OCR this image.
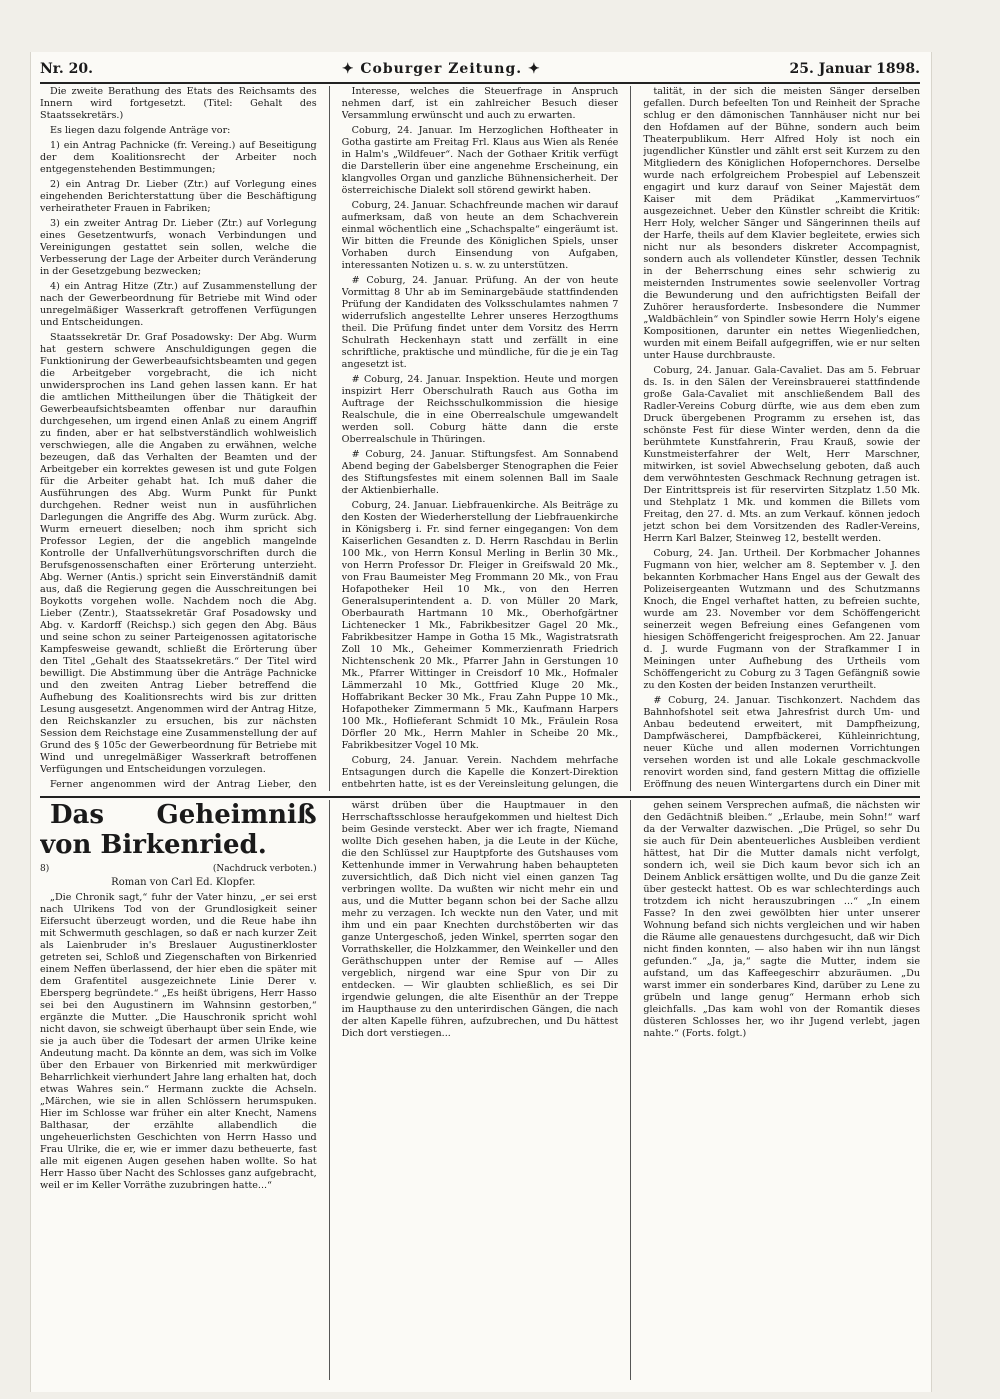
Nr. 20.	✦ Coburger Zeitung. ✦	25. Januar 1898.

Die zweite Berathung des Etats des Reichsamts des Innern wird fortgesetzt. (Titel: Gehalt des Staatssekretärs.)

Es liegen dazu folgende Anträge vor:

1) ein Antrag Pachnicke (fr. Vereing.) auf Beseitigung der dem Koalitionsrecht der Arbeiter noch entgegenstehenden Bestimmungen;

2) ein Antrag Dr. Lieber (Ztr.) auf Vorlegung eines eingehenden Berichterstattung über die Beschäftigung verheiratheter Frauen in Fabriken;

3) ein zweiter Antrag Dr. Lieber (Ztr.) auf Vorlegung eines Gesetzentwurfs, wonach Verbindungen und Vereinigungen gestattet sein sollen, welche die Verbesserung der Lage der Arbeiter durch Veränderung in der Gesetzgebung bezwecken;

4) ein Antrag Hitze (Ztr.) auf Zusammenstellung der nach der Gewerbeordnung für Betriebe mit Wind oder unregelmäßiger Wasserkraft getroffenen Verfügungen und Entscheidungen.

Staatssekretär Dr. Graf Posadowsky: Der Abg. Wurm hat gestern schwere Anschuldigungen gegen die Funktionirung der Gewerbeaufsichtsbeamten und gegen die Arbeitgeber vorgebracht, die ich nicht unwidersprochen ins Land gehen lassen kann. Er hat die amtlichen Mittheilungen über die Thätigkeit der Gewerbeaufsichtsbeamten offenbar nur daraufhin durchgesehen, um irgend einen Anlaß zu einem Angriff zu finden, aber er hat selbstverständlich wohlweislich verschwiegen, alle die Angaben zu erwähnen, welche bezeugen, daß das Verhalten der Beamten und der Arbeitgeber ein korrektes gewesen ist und gute Folgen für die Arbeiter gehabt hat. Ich muß daher die Ausführungen des Abg. Wurm Punkt für Punkt durchgehen. Redner weist nun in ausführlichen Darlegungen die Angriffe des Abg. Wurm zurück. Abg. Wurm erneuert dieselben; noch ihm spricht sich Professor Legien, der die angeblich mangelnde Kontrolle der Unfallverhütungsvorschriften durch die Berufsgenossenschaften einer Erörterung unterzieht. Abg. Werner (Antis.) spricht sein Einverständniß damit aus, daß die Regierung gegen die Ausschreitungen bei Boykotts vorgehen wolle. Nachdem noch die Abg. Lieber (Zentr.), Staatssekretär Graf Posadowsky und Abg. v. Kardorff (Reichsp.) sich gegen den Abg. Bäus und seine schon zu seiner Parteigenossen agitatorische Kampfesweise gewandt, schließt die Erörterung über den Titel „Gehalt des Staatssekretärs.“ Der Titel wird bewilligt. Die Abstimmung über die Anträge Pachnicke und den zweiten Antrag Lieber betreffend die Aufhebung des Koalitionsrechts wird bis zur dritten Lesung ausgesetzt. Angenommen wird der Antrag Hitze, den Reichskanzler zu ersuchen, bis zur nächsten Session dem Reichstage eine Zusammenstellung der auf Grund des § 105c der Gewerbeordnung für Betriebe mit Wind und unregelmäßiger Wasserkraft betroffenen Verfügungen und Entscheidungen vorzulegen.

Ferner angenommen wird der Antrag Lieber, den

Interesse, welches die Steuerfrage in Anspruch nehmen darf, ist ein zahlreicher Besuch dieser Versammlung erwünscht und auch zu erwarten.

Coburg, 24. Januar. Im Herzoglichen Hoftheater in Gotha gastirte am Freitag Frl. Klaus aus Wien als Renée in Halm's „Wildfeuer“. Nach der Gothaer Kritik verfügt die Darstellerin über eine angenehme Erscheinung, ein klangvolles Organ und ganzliche Bühnensicherheit. Der österreichische Dialekt soll störend gewirkt haben.

Coburg, 24. Januar. Schachfreunde machen wir darauf aufmerksam, daß von heute an dem Schachverein einmal wöchentlich eine „Schachspalte“ eingeräumt ist. Wir bitten die Freunde des Königlichen Spiels, unser Vorhaben durch Einsendung von Aufgaben, interessanten Notizen u. s. w. zu unterstützen.

# Coburg, 24. Januar. Prüfung. An der von heute Vormittag 8 Uhr ab im Seminargebäude stattfindenden Prüfung der Kandidaten des Volksschulamtes nahmen 7 widerrufslich angestellte Lehrer unseres Herzogthums theil. Die Prüfung findet unter dem Vorsitz des Herrn Schulrath Heckenhayn statt und zerfällt in eine schriftliche, praktische und mündliche, für die je ein Tag angesetzt ist.

# Coburg, 24. Januar. Inspektion. Heute und morgen inspizirt Herr Oberschulrath Rauch aus Gotha im Auftrage der Reichsschulkommission die hiesige Realschule, die in eine Oberrealschule umgewandelt werden soll. Coburg hätte dann die erste Oberrealschule in Thüringen.

# Coburg, 24. Januar. Stiftungsfest. Am Sonnabend Abend beging der Gabelsberger Stenographen die Feier des Stiftungsfestes mit einem solennen Ball im Saale der Aktienbierhalle.

Coburg, 24. Januar. Liebfrauenkirche. Als Beiträge zu den Kosten der Wiederherstellung der Liebfrauenkirche in Königsberg i. Fr. sind ferner eingegangen: Von dem Kaiserlichen Gesandten z. D. Herrn Raschdau in Berlin 100 Mk., von Herrn Konsul Merling in Berlin 30 Mk., von Herrn Professor Dr. Fleiger in Greifswald 20 Mk., von Frau Baumeister Meg Frommann 20 Mk., von Frau Hofapotheker Heil 10 Mk., von den Herren Generalsuperintendent a. D. von Müller 20 Mark, Oberbaurath Hartmann 10 Mk., Oberhofgärtner Lichtenecker 1 Mk., Fabrikbesitzer Gagel 20 Mk., Fabrikbesitzer Hampe in Gotha 15 Mk., Wagistratsrath Zoll 10 Mk., Geheimer Kommerzienrath Friedrich Nichtenschenk 20 Mk., Pfarrer Jahn in Gerstungen 10 Mk., Pfarrer Wittinger in Creisdorf 10 Mk., Hofmaler Lämmerzahl 10 Mk., Gottfried Kluge 20 Mk., Hoffabrikant Becker 30 Mk., Frau Zahn Puppe 10 Mk., Hofapotheker Zimmermann 5 Mk., Kaufmann Harpers 100 Mk., Hoflieferant Schmidt 10 Mk., Fräulein Rosa Dörfler 20 Mk., Herrn Mahler in Scheibe 20 Mk., Fabrikbesitzer Vogel 10 Mk.

Coburg, 24. Januar. Verein. Nachdem mehrfache Entsagungen durch die Kapelle die Konzert-Direktion entbehrten hatte, ist es der Vereinsleitung gelungen, die

talität, in der sich die meisten Sänger derselben gefallen. Durch befeelten Ton und Reinheit der Sprache schlug er den dämonischen Tannhäuser nicht nur bei den Hofdamen auf der Bühne, sondern auch beim Theaterpublikum. Herr Alfred Holy ist noch ein jugendlicher Künstler und zählt erst seit Kurzem zu den Mitgliedern des Königlichen Hofopernchores. Derselbe wurde nach erfolgreichem Probespiel auf Lebenszeit engagirt und kurz darauf von Seiner Majestät dem Kaiser mit dem Prädikat „Kammervirtuos“ ausgezeichnet. Ueber den Künstler schreibt die Kritik: Herr Holy, welcher Sänger und Sängerinnen theils auf der Harfe, theils auf dem Klavier begleitete, erwies sich nicht nur als besonders diskreter Accompagnist, sondern auch als vollendeter Künstler, dessen Technik in der Beherrschung eines sehr schwierig zu meisternden Instrumentes sowie seelenvoller Vortrag die Bewunderung und den aufrichtigsten Beifall der Zuhörer herausforderte. Insbesondere die Nummer „Waldbächlein“ von Spindler sowie Herrn Holy's eigene Kompositionen, darunter ein nettes Wiegenliedchen, wurden mit einem Beifall aufgegriffen, wie er nur selten unter Hause durchbrauste.

Coburg, 24. Januar. Gala-Cavaliet. Das am 5. Februar ds. Is. in den Sälen der Vereinsbrauerei stattfindende große Gala-Cavaliet mit anschließendem Ball des Radler-Vereins Coburg dürfte, wie aus dem eben zum Druck übergebenen Programm zu ersehen ist, das schönste Fest für diese Winter werden, denn da die berühmtete Kunstfahrerin, Frau Krauß, sowie der Kunstmeisterfahrer der Welt, Herr Marschner, mitwirken, ist soviel Abwechselung geboten, daß auch dem verwöhntesten Geschmack Rechnung getragen ist. Der Eintrittspreis ist für reservirten Sitzplatz 1.50 Mk. und Stehplatz 1 Mk. und kommen die Billets vom Freitag, den 27. d. Mts. an zum Verkauf. können jedoch jetzt schon bei dem Vorsitzenden des Radler-Vereins, Herrn Karl Balzer, Steinweg 12, bestellt werden.

Coburg, 24. Jan. Urtheil. Der Korbmacher Johannes Fugmann von hier, welcher am 8. September v. J. den bekannten Korbmacher Hans Engel aus der Gewalt des Polizeisergeanten Wutzmann und des Schutzmanns Knoch, die Engel verhaftet hatten, zu befreien suchte, wurde am 23. November vor dem Schöffengericht seinerzeit wegen Befreiung eines Gefangenen vom hiesigen Schöffengericht freigesprochen. Am 22. Januar d. J. wurde Fugmann von der Strafkammer I in Meiningen unter Aufhebung des Urtheils vom Schöffengericht zu Coburg zu 3 Tagen Gefängniß sowie zu den Kosten der beiden Instanzen verurtheilt.

# Coburg, 24. Januar. Tischkonzert. Nachdem das Bahnhofshotel seit etwa Jahresfrist durch Um- und Anbau bedeutend erweitert, mit Dampfheizung, Dampfwäscherei, Dampfbäckerei, Kühleinrichtung, neuer Küche und allen modernen Vorrichtungen versehen worden ist und alle Lokale geschmackvolle renovirt worden sind, fand gestern Mittag die offizielle Eröffnung des neuen Wintergartens durch ein Diner mit

Das Geheimniß von Birkenried.

8)	(Nachdruck verboten.)

Roman von Carl Ed. Klopfer.

„Die Chronik sagt,“ fuhr der Vater hinzu, „er sei erst nach Ulrikens Tod von der Grundlosigkeit seiner Eifersucht überzeugt worden, und die Reue habe ihn mit Schwermuth geschlagen, so daß er nach kurzer Zeit als Laienbruder in's Breslauer Augustinerkloster getreten sei, Schloß und Ziegenschaften von Birkenried einem Neffen überlassend, der hier eben die später mit dem Grafentitel ausgezeichnete Linie Derer v. Ebersperg begründete.“ „Es heißt übrigens, Herr Hasso sei bei den Augustinern im Wahnsinn gestorben,“ ergänzte die Mutter. „Die Hauschronik spricht wohl nicht davon, sie schweigt überhaupt über sein Ende, wie sie ja auch über die Todesart der armen Ulrike keine Andeutung macht. Da könnte an dem, was sich im Volke über den Erbauer von Birkenried mit merkwürdiger Beharrlichkeit vierhundert Jahre lang erhalten hat, doch etwas Wahres sein.“ Hermann zuckte die Achseln. „Märchen, wie sie in allen Schlössern herumspuken. Hier im Schlosse war früher ein alter Knecht, Namens Balthasar, der erzählte allabendlich die ungeheuerlichsten Geschichten von Herrn Hasso und Frau Ulrike, die er, wie er immer dazu betheuerte, fast alle mit eigenen Augen gesehen haben wollte. So hat Herr Hasso über Nacht des Schlosses ganz aufgebracht, weil er im Keller Vorräthe zuzubringen hatte...“

wärst drüben über die Hauptmauer in den Herrschaftsschlosse heraufgekommen und hieltest Dich beim Gesinde versteckt. Aber wer ich fragte, Niemand wollte Dich gesehen haben, ja die Leute in der Küche, die den Schlüssel zur Hauptpforte des Gutshauses vom Kettenhunde immer in Verwahrung haben behaupteten zuversichtlich, daß Dich nicht viel einen ganzen Tag verbringen wollte. Da wußten wir nicht mehr ein und aus, und die Mutter begann schon bei der Sache allzu mehr zu verzagen. Ich weckte nun den Vater, und mit ihm und ein paar Knechten durchstöberten wir das ganze Untergeschoß, jeden Winkel, sperrten sogar den Vorrathskeller, die Holzkammer, den Weinkeller und den Geräthschuppen unter der Remise auf — Alles vergeblich, nirgend war eine Spur von Dir zu entdecken. — Wir glaubten schließlich, es sei Dir irgendwie gelungen, die alte Eisenthür an der Treppe im Haupthause zu den unterirdischen Gängen, die nach der alten Kapelle führen, aufzubrechen, und Du hättest Dich dort verstiegen...

gehen seinem Versprechen aufmaß, die nächsten wir den Gedächtniß bleiben.“ „Erlaube, mein Sohn!“ warf da der Verwalter dazwischen. „Die Prügel, so sehr Du sie auch für Dein abenteuerliches Ausbleiben verdient hättest, hat Dir die Mutter damals nicht verfolgt, sondern ich, weil sie Dich kaum bevor sich ich an Deinem Anblick ersättigen wollte, und Du die ganze Zeit über gesteckt hattest. Ob es war schlechterdings auch trotzdem ich nicht herauszubringen ...“ „In einem Fasse? In den zwei gewölbten hier unter unserer Wohnung befand sich nichts vergleichen und wir haben die Räume alle genauestens durchgesucht, daß wir Dich nicht finden konnten, — also haben wir ihn nun längst gefunden.“ „Ja, ja,“ sagte die Mutter, indem sie aufstand, um das Kaffeegeschirr abzuräumen. „Du warst immer ein sonderbares Kind, darüber zu Lene zu grübeln und lange genug“ Hermann erhob sich gleichfalls. „Das kam wohl von der Romantik dieses düsteren Schlosses her, wo ihr Jugend verlebt, jagen nahte.“ (Forts. folgt.)
